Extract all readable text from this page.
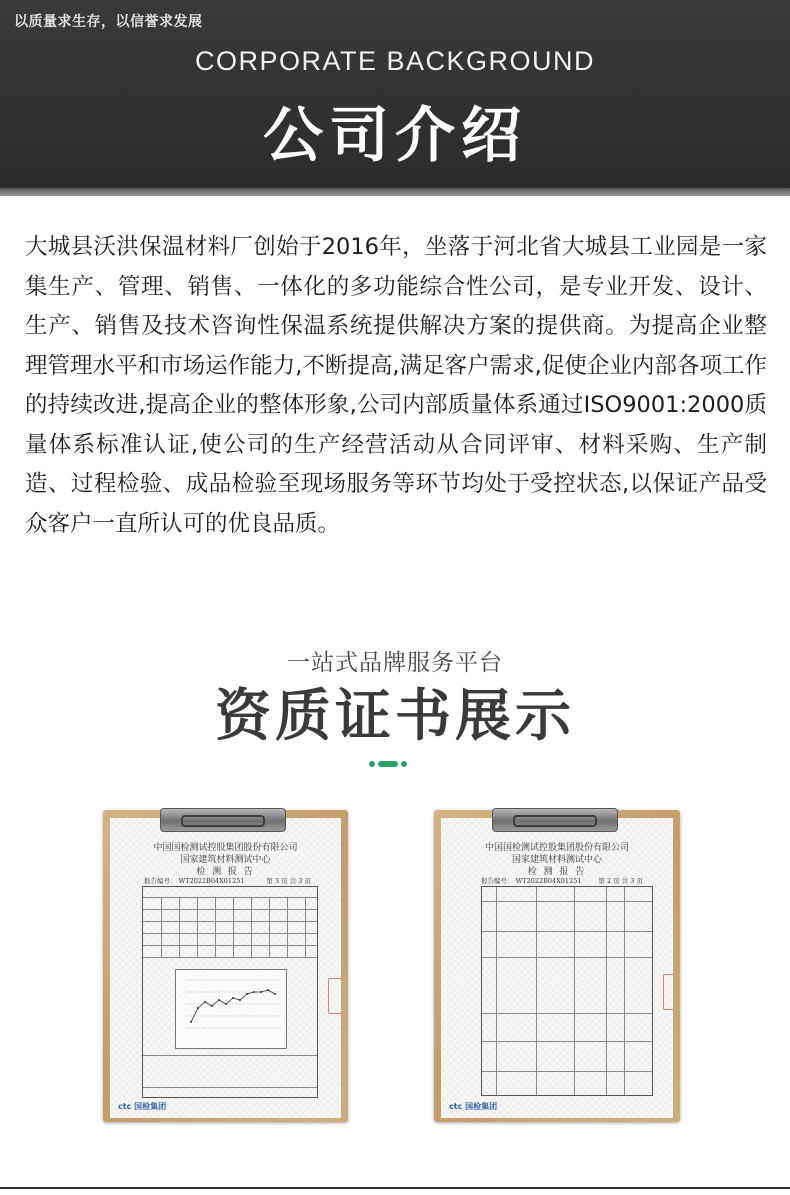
以质量求生存，以信誉求发展
CORPORATE BACKGROUND
公司介绍

大城县沃洪保温材料厂创始于2016年，坐落于河北省大城县工业园是一家集生产、管理、销售、一体化的多功能综合性公司，是专业开发、设计、生产、销售及技术咨询性保温系统提供解决方案的提供商。为提高企业整理管理水平和市场运作能力,不断提高,满足客户需求,促使企业内部各项工作的持续改进,提高企业的整体形象,公司内部质量体系通过ISO9001:2000质量体系标准认证,使公司的生产经营活动从合同评审、材料采购、生产制造、过程检验、成品检验至现场服务等环节均处于受控状态,以保证产品受众客户一直所认可的优良品质。

一站式品牌服务平台
资质证书展示
中国国检测试控股集团股份有限公司
国家建筑材料测试中心
检 测 报 告
报告编号： WT2022B04X01251	第 3 页 共 3 页
ctc 国检集团
中国国检测试控股集团股份有限公司
国家建筑材料测试中心
检 测 报 告
报告编号： WT2022B04X01251	第 2 页 共 3 页
ctc 国检集团
